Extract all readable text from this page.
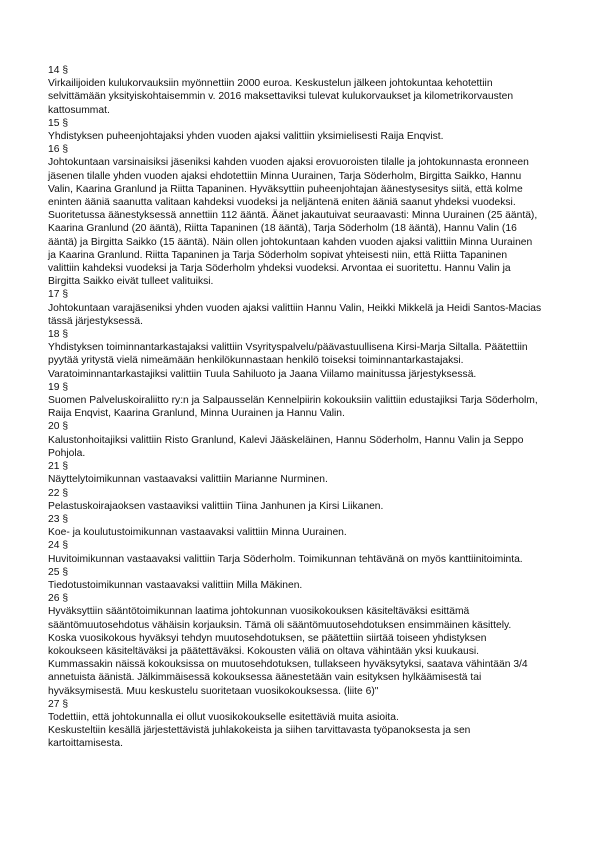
14 §
Virkailijoiden kulukorvauksiin myönnettiin 2000 euroa. Keskustelun jälkeen johtokuntaa kehotettiin
selvittämään yksityiskohtaisemmin v. 2016 maksettaviksi tulevat kulukorvaukset ja kilometrikorvausten
kattosummat.
15 §
Yhdistyksen puheenjohtajaksi yhden vuoden ajaksi valittiin yksimielisesti Raija Enqvist.
16 §
Johtokuntaan varsinaisiksi jäseniksi kahden vuoden ajaksi erovuoroisten tilalle ja johtokunnasta eronneen
jäsenen tilalle yhden vuoden ajaksi ehdotettiin Minna Uurainen, Tarja Söderholm, Birgitta Saikko, Hannu
Valin, Kaarina Granlund ja Riitta Tapaninen. Hyväksyttiin puheenjohtajan äänestysesitys siitä, että kolme
eninten ääniä saanutta valitaan kahdeksi vuodeksi ja neljäntenä eniten ääniä saanut yhdeksi vuodeksi.
Suoritetussa äänestyksessä annettiin 112 ääntä. Äänet jakautuivat seuraavasti: Minna Uurainen (25 ääntä),
Kaarina Granlund (20 ääntä), Riitta Tapaninen (18 ääntä), Tarja Söderholm (18 ääntä), Hannu Valin (16
ääntä) ja Birgitta Saikko (15 ääntä). Näin ollen johtokuntaan kahden vuoden ajaksi valittiin Minna Uurainen
ja Kaarina Granlund. Riitta Tapaninen ja Tarja Söderholm sopivat yhteisesti niin, että Riitta Tapaninen
valittiin kahdeksi vuodeksi ja Tarja Söderholm yhdeksi vuodeksi. Arvontaa ei suoritettu. Hannu Valin ja
Birgitta Saikko eivät tulleet valituiksi.
17 §
Johtokuntaan varajäseniksi yhden vuoden ajaksi valittiin Hannu Valin, Heikki Mikkelä ja Heidi Santos-Macias
tässä järjestyksessä.
18 §
Yhdistyksen toiminnantarkastajaksi valittiin Vsyrityspalvelu/päävastuullisena Kirsi-Marja Siltalla. Päätettiin
pyytää yritystä vielä nimeämään henkilökunnastaan henkilö toiseksi toiminnantarkastajaksi.
Varatoiminnantarkastajiksi valittiin Tuula Sahiluoto ja Jaana Viilamo mainitussa järjestyksessä.
19 §
Suomen Palveluskoiraliitto ry:n ja Salpausselän Kennelpiirin kokouksiin valittiin edustajiksi Tarja Söderholm,
Raija Enqvist, Kaarina Granlund, Minna Uurainen ja Hannu Valin.
20 §
Kalustonhoitajiksi valittiin Risto Granlund, Kalevi Jääskeläinen, Hannu Söderholm, Hannu Valin ja Seppo
Pohjola.
21 §
Näyttelytoimikunnan vastaavaksi valittiin Marianne Nurminen.
22 §
Pelastuskoirajaoksen vastaaviksi valittiin Tiina Janhunen ja Kirsi Liikanen.
23 §
Koe- ja koulutustoimikunnan vastaavaksi valittiin Minna Uurainen.
24 §
Huvitoimikunnan vastaavaksi valittiin Tarja Söderholm. Toimikunnan tehtävänä on myös kanttiinitoiminta.
25 §
Tiedotustoimikunnan vastaavaksi valittiin Milla Mäkinen.
26 §
Hyväksyttiin sääntötoimikunnan laatima johtokunnan vuosikokouksen käsiteltäväksi esittämä
sääntömuutosehdotus vähäisin korjauksin. Tämä oli sääntömuutosehdotuksen ensimmäinen käsittely.
Koska vuosikokous hyväksyi tehdyn muutosehdotuksen, se päätettiin siirtää toiseen yhdistyksen
kokoukseen käsiteltäväksi ja päätettäväksi. Kokousten väliä on oltava vähintään yksi kuukausi.
Kummassakin näissä kokouksissa on muutosehdotuksen, tullakseen hyväksytyksi, saatava vähintään 3/4
annetuista äänistä. Jälkimmäisessä kokouksessa äänestetään vain esityksen hylkäämisestä tai
hyväksymisestä. Muu keskustelu suoritetaan vuosikokouksessa. (liite 6)"
27 §
Todettiin, että johtokunnalla ei ollut vuosikokoukselle esitettäviä muita asioita.
Keskusteltiin kesällä järjestettävistä juhlakokeista ja siihen tarvittavasta työpanoksesta ja sen
kartoittamisesta.
